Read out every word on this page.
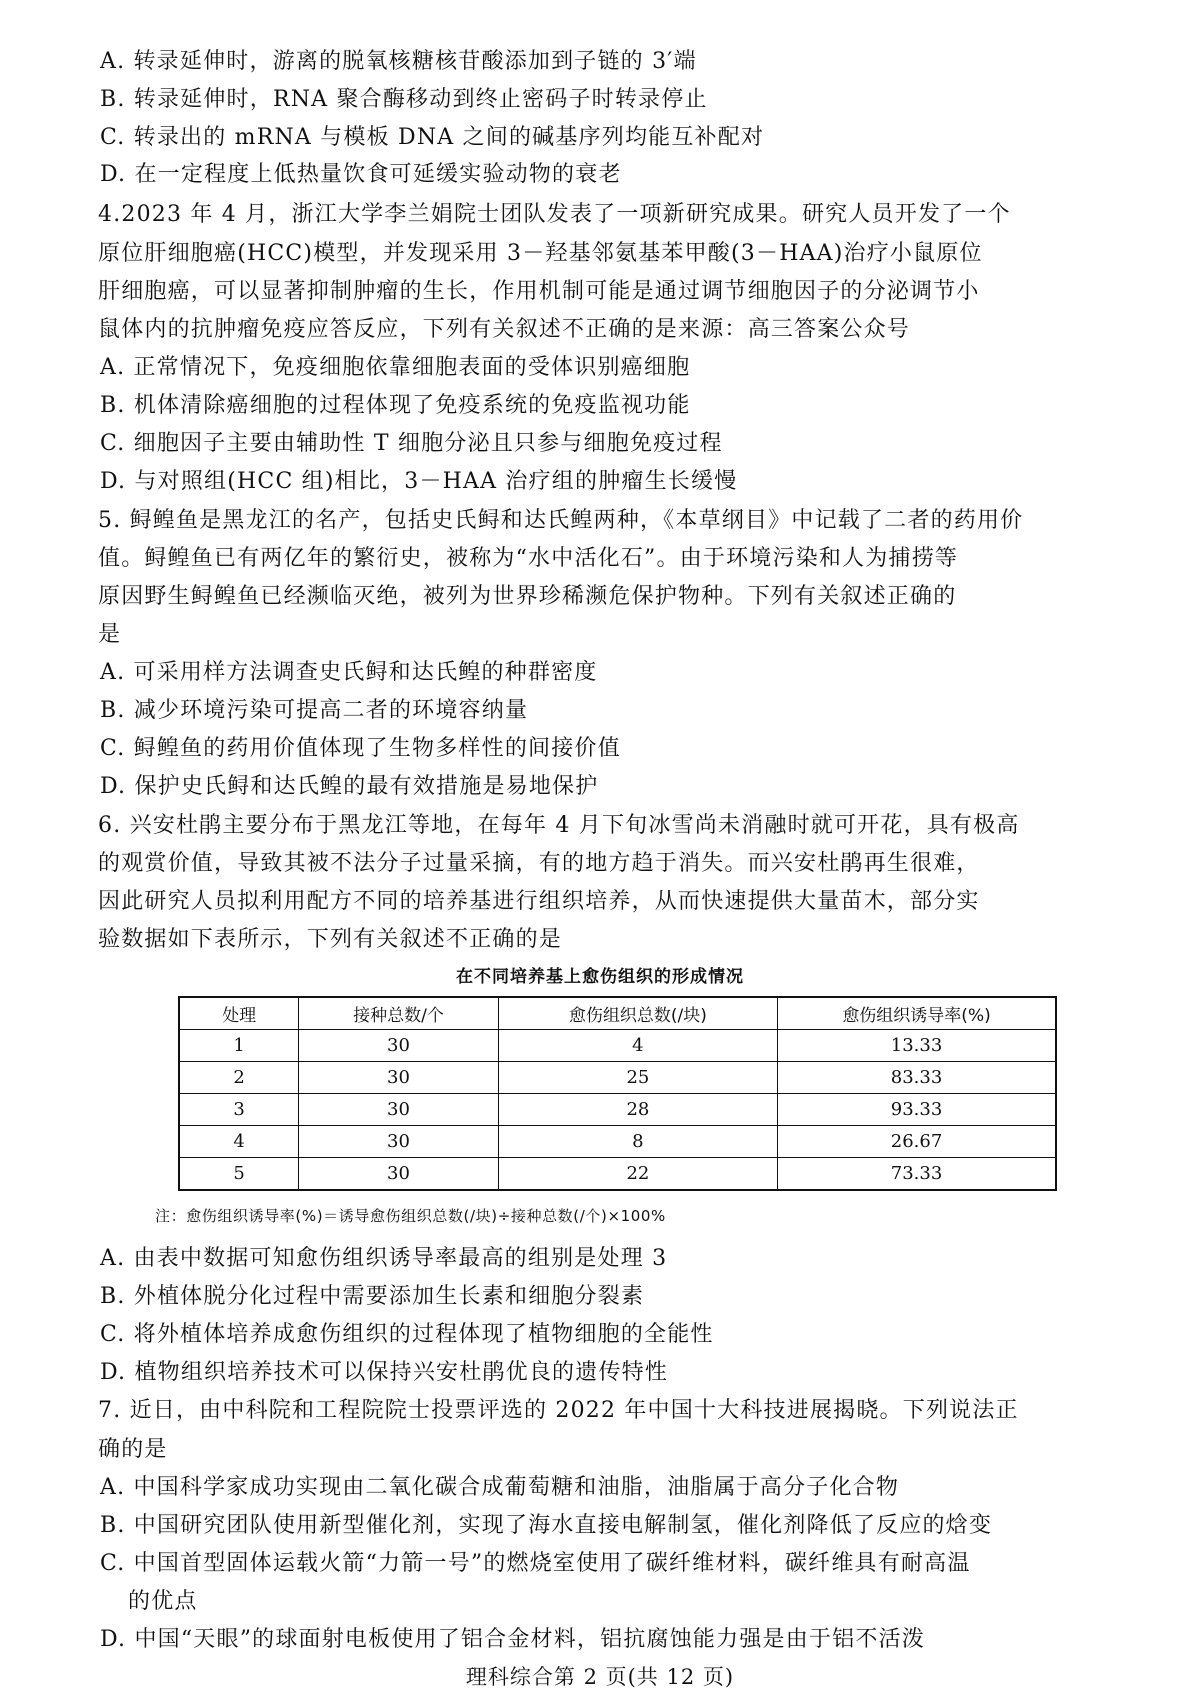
A. 转录延伸时，游离的脱氧核糖核苷酸添加到子链的 3′端
B. 转录延伸时，RNA 聚合酶移动到终止密码子时转录停止
C. 转录出的 mRNA 与模板 DNA 之间的碱基序列均能互补配对
D. 在一定程度上低热量饮食可延缓实验动物的衰老
4.2023 年 4 月，浙江大学李兰娟院士团队发表了一项新研究成果。研究人员开发了一个
原位肝细胞癌(HCC)模型，并发现采用 3－羟基邻氨基苯甲酸(3－HAA)治疗小鼠原位
肝细胞癌，可以显著抑制肿瘤的生长，作用机制可能是通过调节细胞因子的分泌调节小
鼠体内的抗肿瘤免疫应答反应，下列有关叙述不正确的是来源：高三答案公众号
A. 正常情况下，免疫细胞依靠细胞表面的受体识别癌细胞
B. 机体清除癌细胞的过程体现了免疫系统的免疫监视功能
C. 细胞因子主要由辅助性 T 细胞分泌且只参与细胞免疫过程
D. 与对照组(HCC 组)相比，3－HAA 治疗组的肿瘤生长缓慢
5. 鲟鳇鱼是黑龙江的名产，包括史氏鲟和达氏鳇两种，《本草纲目》中记载了二者的药用价
值。鲟鳇鱼已有两亿年的繁衍史，被称为“水中活化石”。由于环境污染和人为捕捞等
原因野生鲟鳇鱼已经濒临灭绝，被列为世界珍稀濒危保护物种。下列有关叙述正确的
是
A. 可采用样方法调查史氏鲟和达氏鳇的种群密度
B. 减少环境污染可提高二者的环境容纳量
C. 鲟鳇鱼的药用价值体现了生物多样性的间接价值
D. 保护史氏鲟和达氏鳇的最有效措施是易地保护
6. 兴安杜鹃主要分布于黑龙江等地，在每年 4 月下旬冰雪尚未消融时就可开花，具有极高
的观赏价值，导致其被不法分子过量采摘，有的地方趋于消失。而兴安杜鹃再生很难，
因此研究人员拟利用配方不同的培养基进行组织培养，从而快速提供大量苗木，部分实
验数据如下表所示，下列有关叙述不正确的是
在不同培养基上愈伤组织的形成情况
处理	接种总数/个	愈伤组织总数(/块)	愈伤组织诱导率(%)
1	30	4	13.33
2	30	25	83.33
3	30	28	93.33
4	30	8	26.67
5	30	22	73.33
注：愈伤组织诱导率(%)＝诱导愈伤组织总数(/块)÷接种总数(/个)×100%
A. 由表中数据可知愈伤组织诱导率最高的组别是处理 3
B. 外植体脱分化过程中需要添加生长素和细胞分裂素
C. 将外植体培养成愈伤组织的过程体现了植物细胞的全能性
D. 植物组织培养技术可以保持兴安杜鹃优良的遗传特性
7. 近日，由中科院和工程院院士投票评选的 2022 年中国十大科技进展揭晓。下列说法正
确的是
A. 中国科学家成功实现由二氧化碳合成葡萄糖和油脂，油脂属于高分子化合物
B. 中国研究团队使用新型催化剂，实现了海水直接电解制氢，催化剂降低了反应的焓变
C. 中国首型固体运载火箭“力箭一号”的燃烧室使用了碳纤维材料，碳纤维具有耐高温
的优点
D. 中国“天眼”的球面射电板使用了铝合金材料，铝抗腐蚀能力强是由于铝不活泼
理科综合第 2 页(共 12 页)
